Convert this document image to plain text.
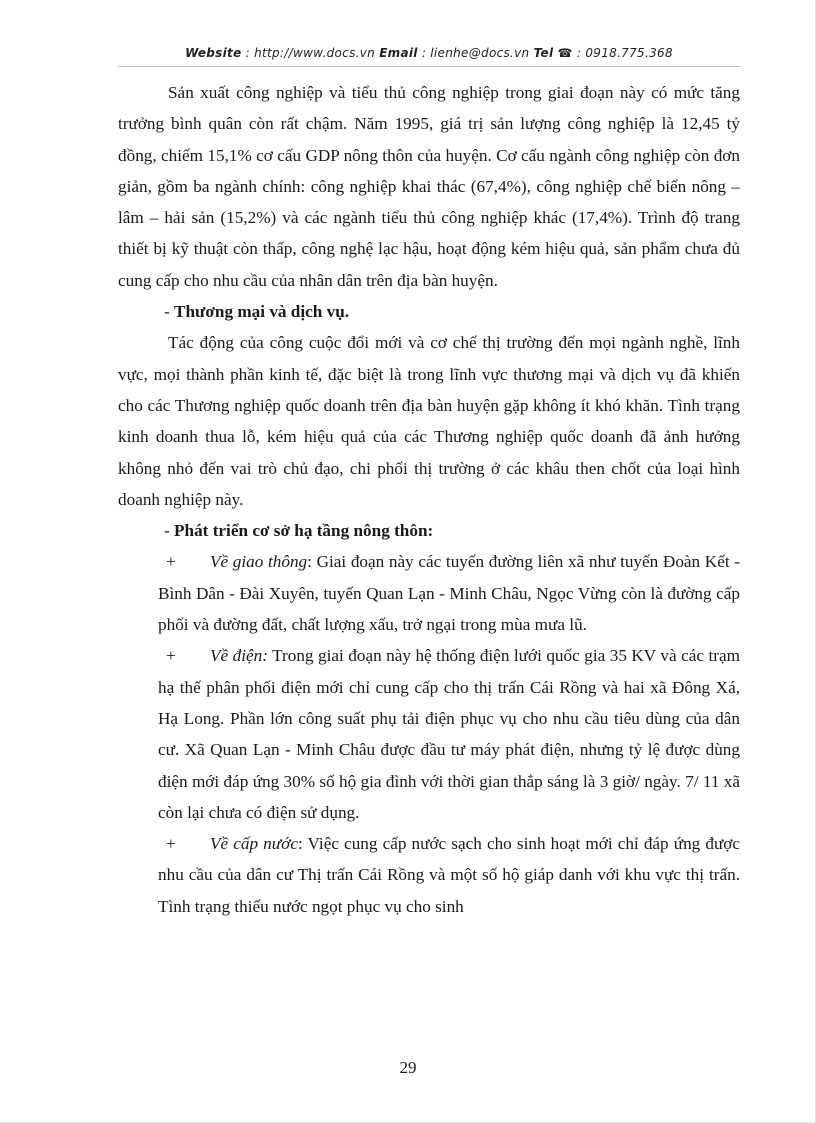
Website : http://www.docs.vn Email : lienhe@docs.vn Tel ☎ : 0918.775.368

Sản xuất công nghiệp và tiểu thủ công nghiệp trong giai đoạn này có mức tăng trưởng bình quân còn rất chậm. Năm 1995, giá trị sản lượng công nghiệp là 12,45 tỷ đồng, chiếm 15,1% cơ cấu GDP nông thôn của huyện. Cơ cấu ngành công nghiệp còn đơn giản, gồm ba ngành chính: công nghiệp khai thác (67,4%), công nghiệp chế biến nông – lâm – hải sản (15,2%) và các ngành tiểu thủ công nghiệp khác (17,4%). Trình độ trang thiết bị kỹ thuật còn thấp, công nghệ lạc hậu, hoạt động kém hiệu quả, sản phẩm chưa đủ cung cấp cho nhu cầu của nhân dân trên địa bàn huyện.

- Thương mại và dịch vụ.

Tác động của công cuộc đổi mới và cơ chế thị trường đến mọi ngành nghề, lĩnh vực, mọi thành phần kinh tế, đặc biệt là trong lĩnh vực thương mại và dịch vụ đã khiến cho các Thương nghiệp quốc doanh trên địa bàn huyện gặp không ít khó khăn. Tình trạng kinh doanh thua lỗ, kém hiệu quả của các Thương nghiệp quốc doanh đã ảnh hưởng không nhỏ đến vai trò chủ đạo, chi phối thị trường ở các khâu then chốt của loại hình doanh nghiệp này.

- Phát triển cơ sở hạ tầng nông thôn:

+ Về giao thông: Giai đoạn này các tuyến đường liên xã như tuyến Đoàn Kết - Bình Dân - Đài Xuyên, tuyến Quan Lạn - Minh Châu, Ngọc Vừng còn là đường cấp phối và đường đất, chất lượng xấu, trở ngại trong mùa mưa lũ.

+ Về điện: Trong giai đoạn này hệ thống điện lưới quốc gia 35 KV và các trạm hạ thế phân phối điện mới chỉ cung cấp cho thị trấn Cái Rồng và hai xã Đông Xá, Hạ Long. Phần lớn công suất phụ tải điện phục vụ cho nhu cầu tiêu dùng của dân cư. Xã Quan Lạn - Minh Châu được đầu tư máy phát điện, nhưng tỷ lệ được dùng điện mới đáp ứng 30% số hộ gia đình với thời gian thắp sáng là 3 giờ/ ngày. 7/ 11 xã còn lại chưa có điện sử dụng.

+ Về cấp nước: Việc cung cấp nước sạch cho sinh hoạt mới chỉ đáp ứng được nhu cầu của dân cư Thị trấn Cái Rồng và một số hộ giáp danh với khu vực thị trấn. Tình trạng thiếu nước ngọt phục vụ cho sinh

29
